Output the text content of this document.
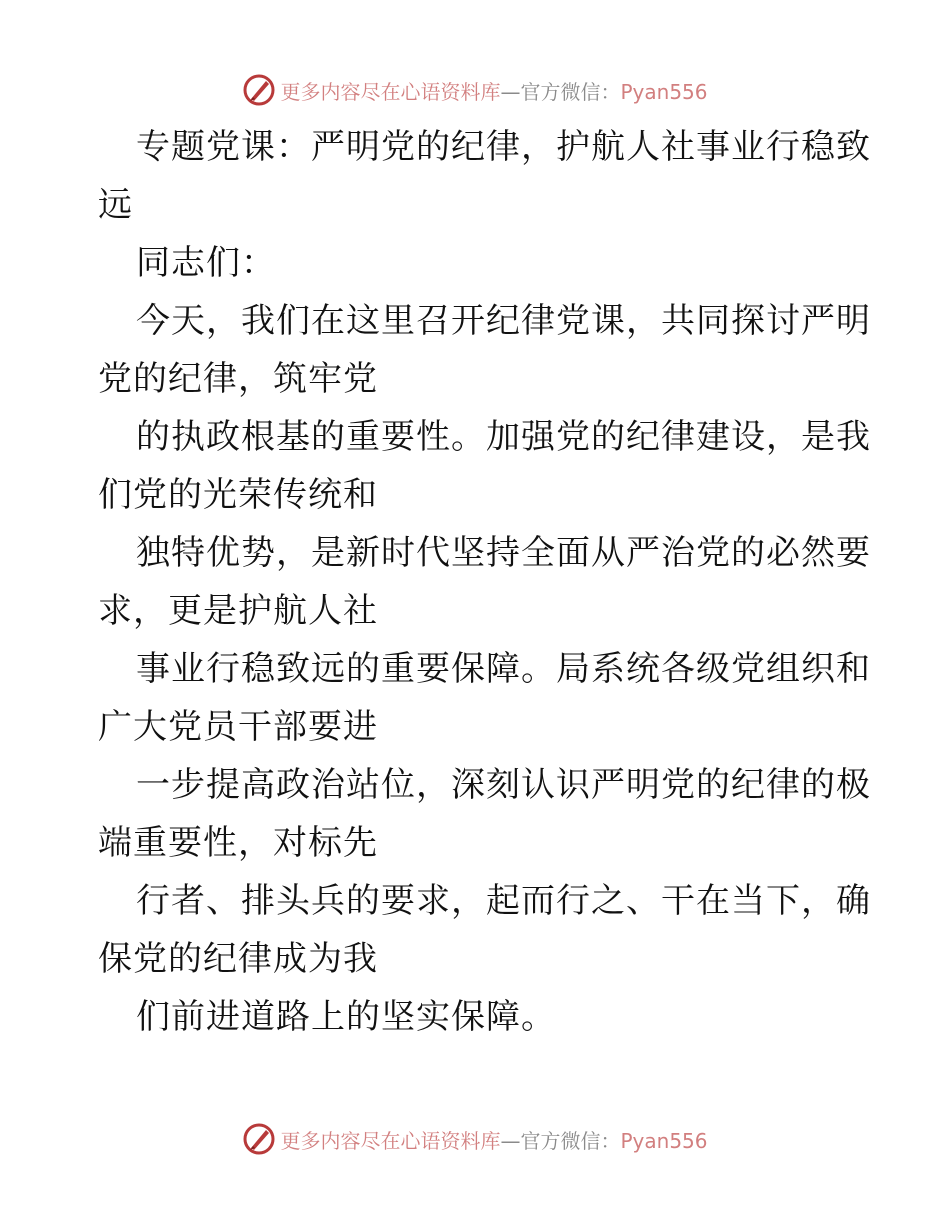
更多内容尽在心语资料库—官方微信：Pyan556
专题党课：严明党的纪律，护航人社事业行稳致
远
同志们：
今天，我们在这里召开纪律党课，共同探讨严明
党的纪律，筑牢党
的执政根基的重要性。加强党的纪律建设，是我
们党的光荣传统和
独特优势，是新时代坚持全面从严治党的必然要
求，更是护航人社
事业行稳致远的重要保障。局系统各级党组织和
广大党员干部要进
一步提高政治站位，深刻认识严明党的纪律的极
端重要性，对标先
行者、排头兵的要求，起而行之、干在当下，确
保党的纪律成为我
们前进道路上的坚实保障。
更多内容尽在心语资料库—官方微信：Pyan556
